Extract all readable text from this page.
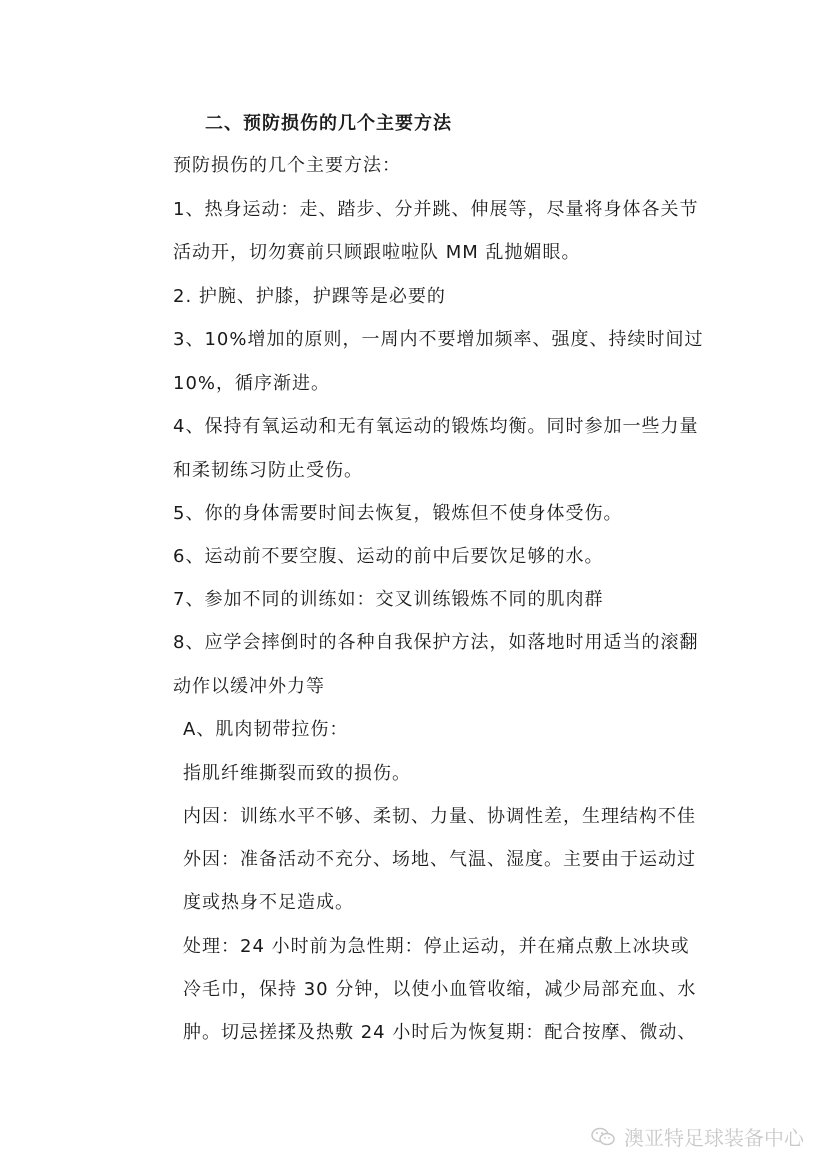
二、预防损伤的几个主要方法
预防损伤的几个主要方法：
1、热身运动：走、踏步、分并跳、伸展等，尽量将身体各关节
活动开，切勿赛前只顾跟啦啦队 MM 乱抛媚眼。
2. 护腕、护膝，护踝等是必要的
3、10%增加的原则，一周内不要增加频率、强度、持续时间过
10%，循序渐进。
4、保持有氧运动和无有氧运动的锻炼均衡。同时参加一些力量
和柔韧练习防止受伤。
5、你的身体需要时间去恢复，锻炼但不使身体受伤。
6、运动前不要空腹、运动的前中后要饮足够的水。
7、参加不同的训练如：交叉训练锻炼不同的肌肉群
8、应学会摔倒时的各种自我保护方法，如落地时用适当的滚翻
动作以缓冲外力等
A、肌肉韧带拉伤：
指肌纤维撕裂而致的损伤。
内因：训练水平不够、柔韧、力量、协调性差，生理结构不佳
外因：准备活动不充分、场地、气温、湿度。主要由于运动过
度或热身不足造成。
处理：24 小时前为急性期：停止运动，并在痛点敷上冰块或
冷毛巾，保持 30 分钟，以使小血管收缩，减少局部充血、水
肿。切忌搓揉及热敷 24 小时后为恢复期：配合按摩、微动、
澳亚特足球装备中心
